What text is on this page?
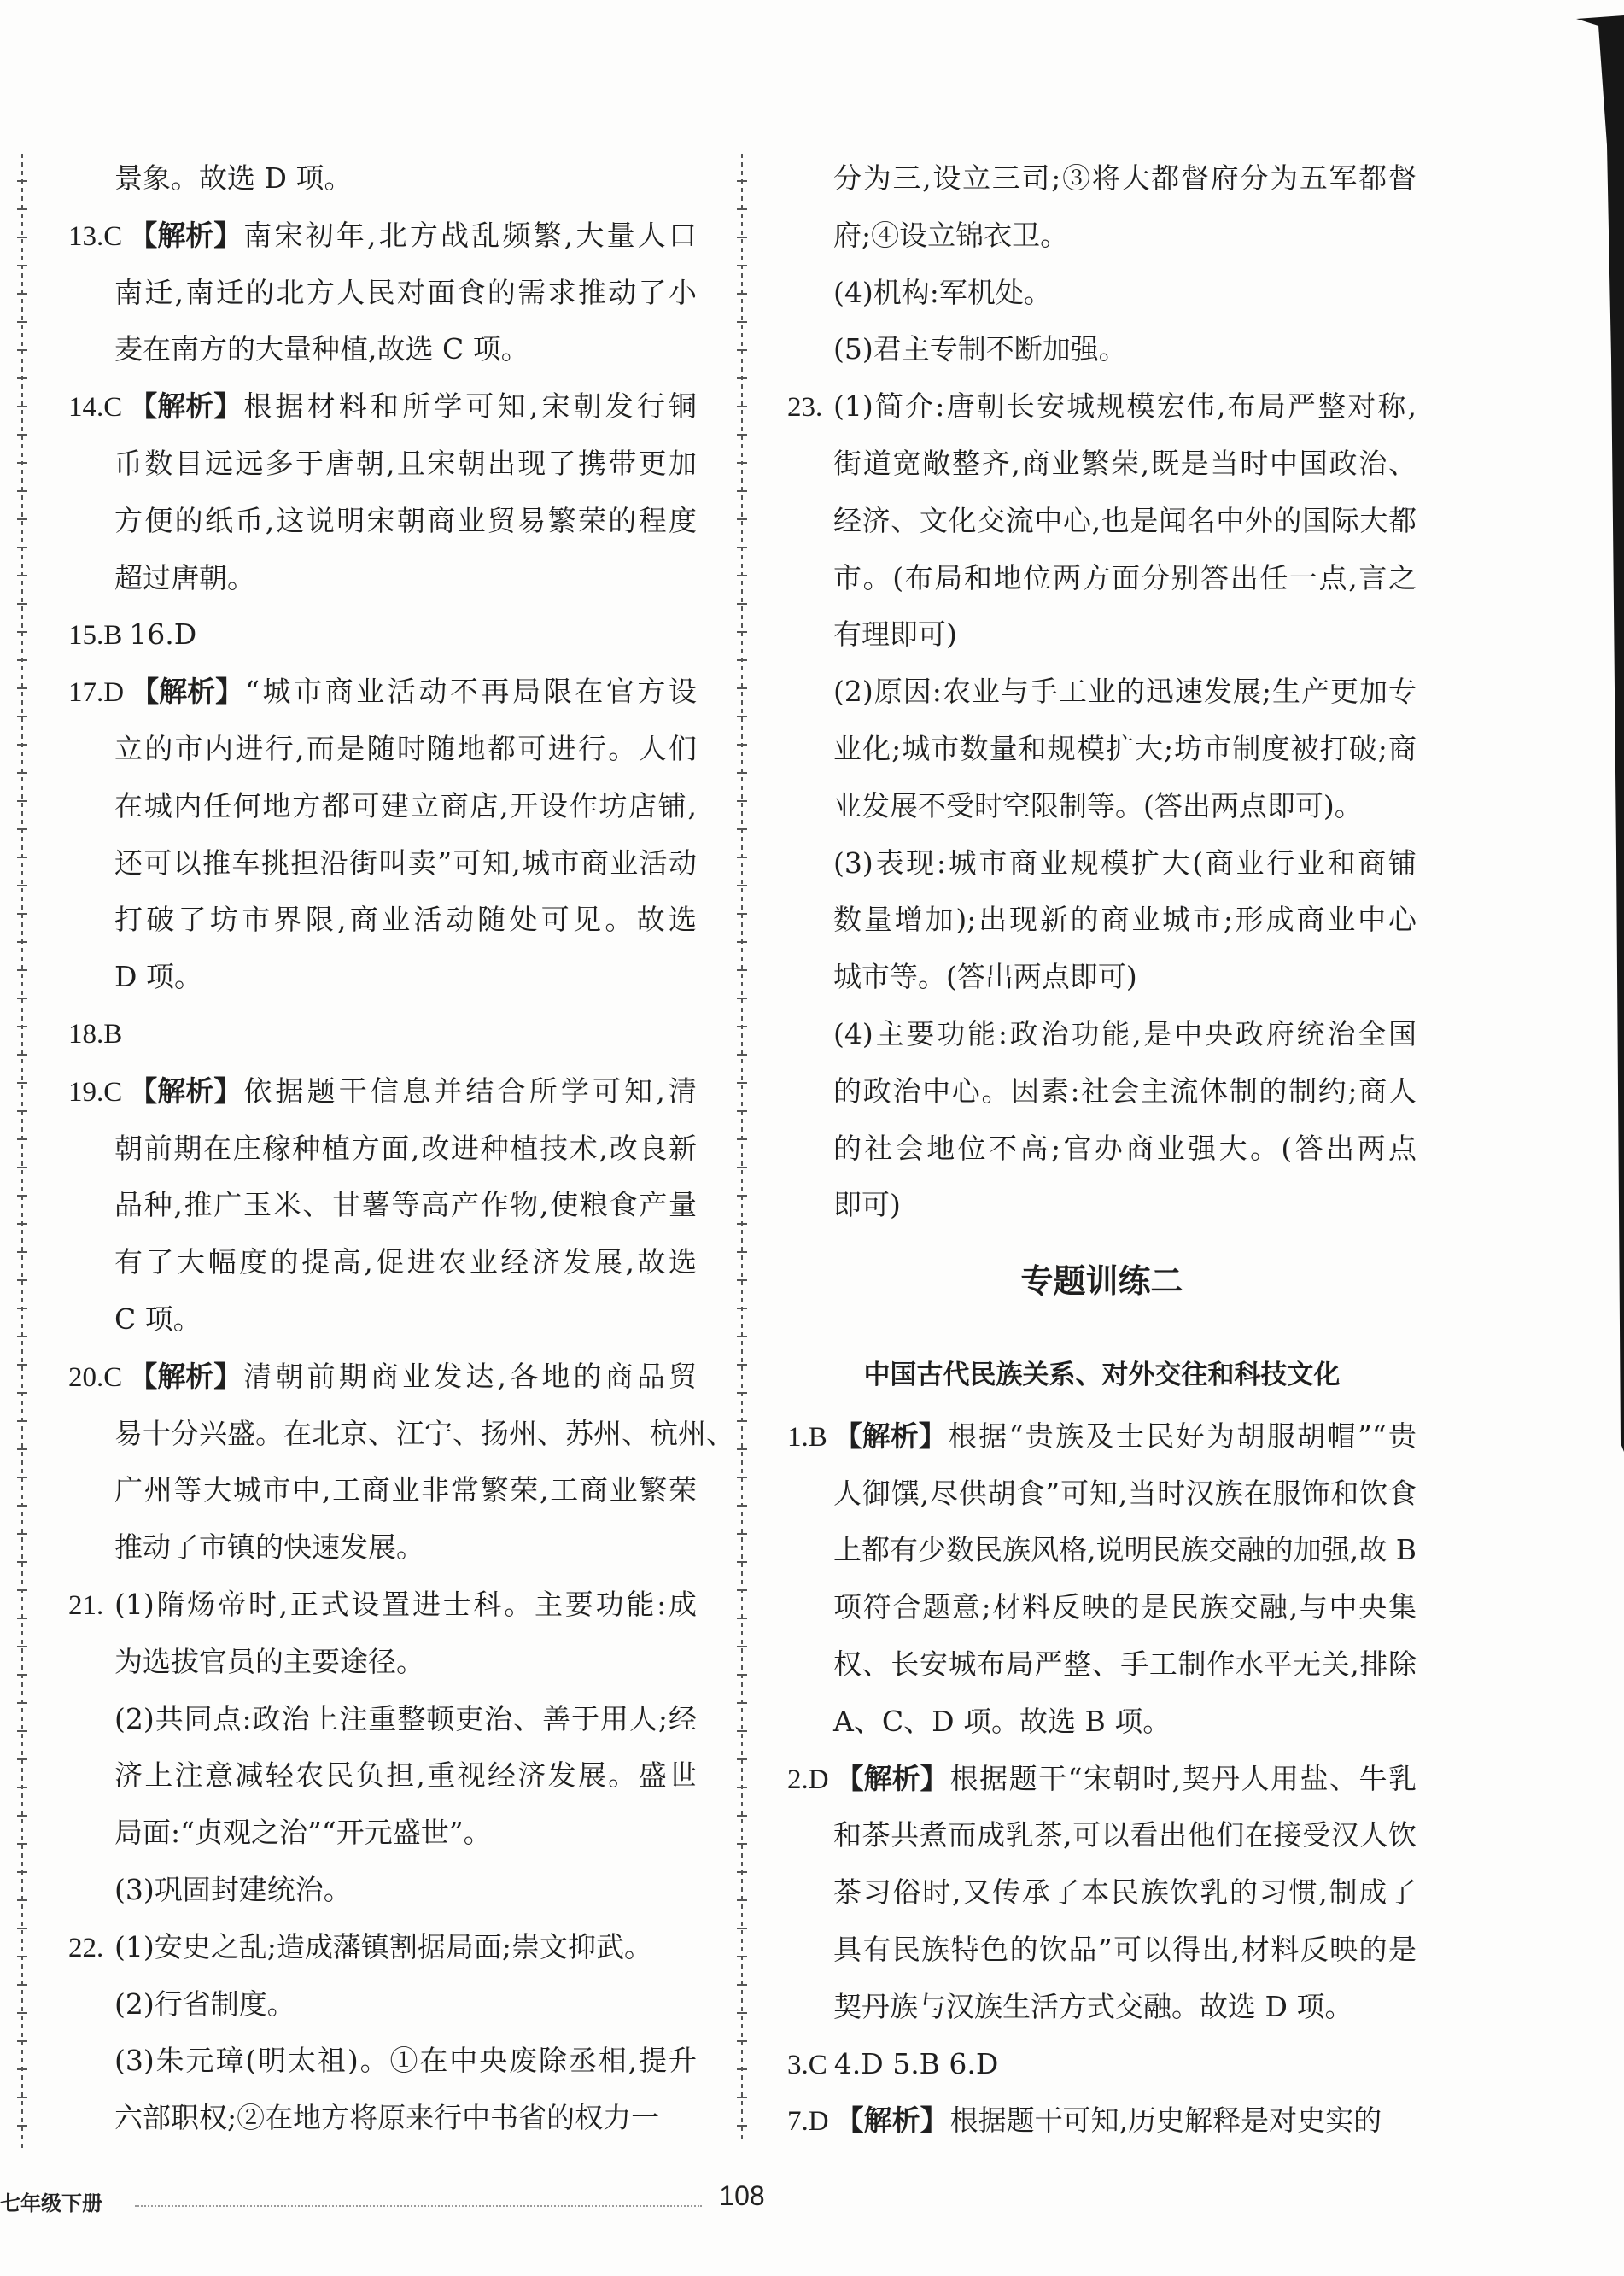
景象。故选 D 项。
13.C 【解析】 南宋初年,北方战乱频繁,大量人口
南迁,南迁的北方人民对面食的需求推动了小
麦在南方的大量种植,故选 C 项。
14.C 【解析】 根据材料和所学可知,宋朝发行铜
币数目远远多于唐朝,且宋朝出现了携带更加
方便的纸币,这说明宋朝商业贸易繁荣的程度
超过唐朝。
15.B 16.D
17.D 【解析】 “城市商业活动不再局限在官方设
立的市内进行,而是随时随地都可进行。人们
在城内任何地方都可建立商店,开设作坊店铺,
还可以推车挑担沿街叫卖”可知,城市商业活动
打破了坊市界限,商业活动随处可见。故选
D 项。
18.B
19.C 【解析】 依据题干信息并结合所学可知,清
朝前期在庄稼种植方面,改进种植技术,改良新
品种,推广玉米、甘薯等高产作物,使粮食产量
有了大幅度的提高,促进农业经济发展,故选
C 项。
20.C 【解析】 清朝前期商业发达,各地的商品贸
易十分兴盛。在北京、江宁、扬州、苏州、杭州、
广州等大城市中,工商业非常繁荣,工商业繁荣
推动了市镇的快速发展。
21. (1)隋炀帝时,正式设置进士科。主要功能:成
为选拔官员的主要途径。
(2)共同点:政治上注重整顿吏治、善于用人;经
济上注意减轻农民负担,重视经济发展。盛世
局面:“贞观之治”“开元盛世”。
(3)巩固封建统治。
22. (1)安史之乱;造成藩镇割据局面;崇文抑武。
(2)行省制度。
(3)朱元璋(明太祖)。①在中央废除丞相,提升
六部职权;②在地方将原来行中书省的权力一
分为三,设立三司;③将大都督府分为五军都督
府;④设立锦衣卫。
(4)机构:军机处。
(5)君主专制不断加强。
23. (1)简介:唐朝长安城规模宏伟,布局严整对称,
街道宽敞整齐,商业繁荣,既是当时中国政治、
经济、文化交流中心,也是闻名中外的国际大都
市。(布局和地位两方面分别答出任一点,言之
有理即可)
(2)原因:农业与手工业的迅速发展;生产更加专
业化;城市数量和规模扩大;坊市制度被打破;商
业发展不受时空限制等。(答出两点即可)。
(3)表现:城市商业规模扩大(商业行业和商铺
数量增加);出现新的商业城市;形成商业中心
城市等。(答出两点即可)
(4)主要功能:政治功能,是中央政府统治全国
的政治中心。因素:社会主流体制的制约;商人
的社会地位不高;官办商业强大。(答出两点
即可)
专题训练二
中国古代民族关系、对外交往和科技文化
1.B 【解析】 根据“贵族及士民好为胡服胡帽”“贵
人御馔,尽供胡食”可知,当时汉族在服饰和饮食
上都有少数民族风格,说明民族交融的加强,故 B
项符合题意;材料反映的是民族交融,与中央集
权、长安城布局严整、手工制作水平无关,排除
A、C、D 项。故选 B 项。
2.D 【解析】 根据题干“宋朝时,契丹人用盐、牛乳
和茶共煮而成乳茶,可以看出他们在接受汉人饮
茶习俗时,又传承了本民族饮乳的习惯,制成了
具有民族特色的饮品”可以得出,材料反映的是
契丹族与汉族生活方式交融。故选 D 项。
3.C 4.D 5.B 6.D
7.D 【解析】 根据题干可知,历史解释是对史实的
七年级下册	108
